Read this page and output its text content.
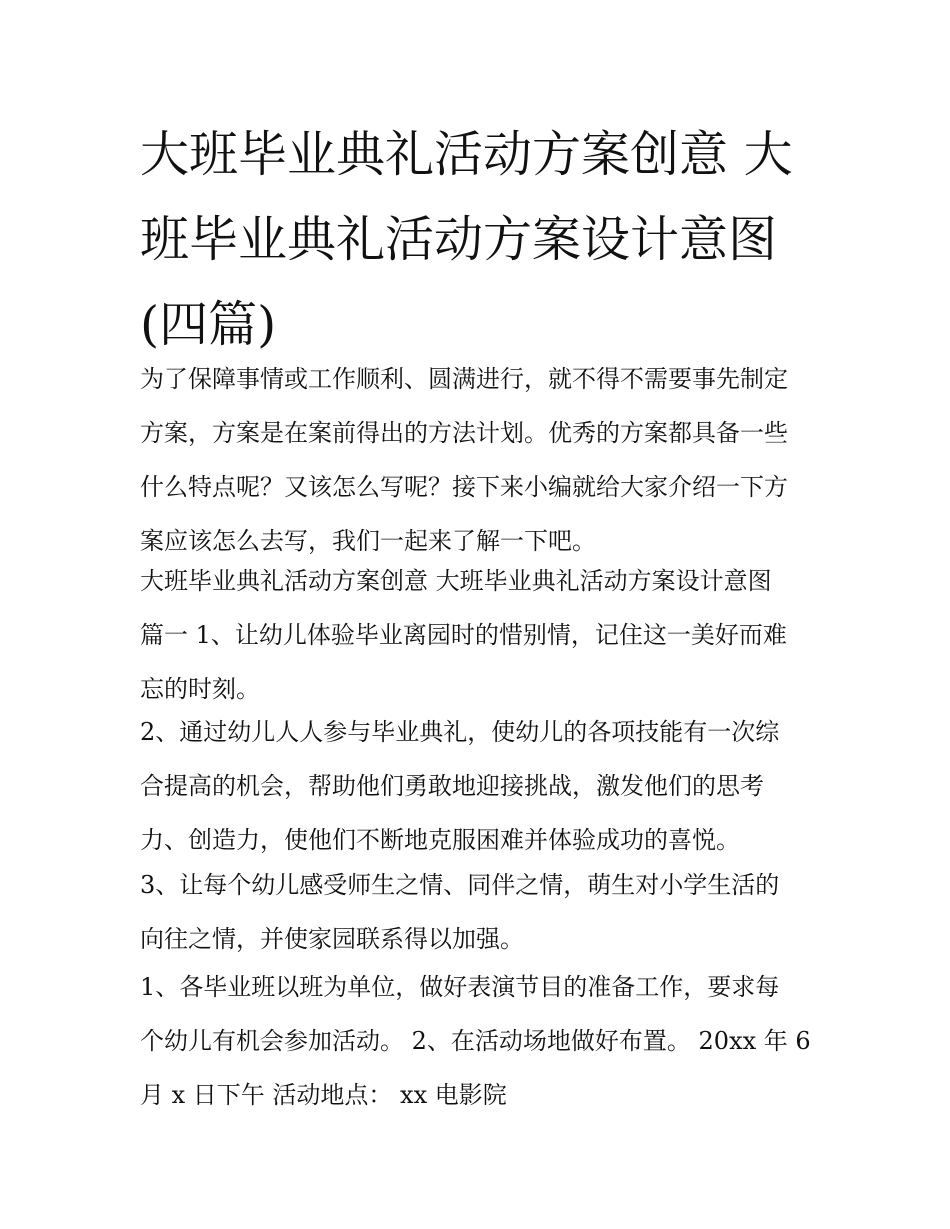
大班毕业典礼活动方案创意 大
班毕业典礼活动方案设计意图
(四篇)
为了保障事情或工作顺利、圆满进行，就不得不需要事先制定
方案，方案是在案前得出的方法计划。优秀的方案都具备一些
什么特点呢？又该怎么写呢？接下来小编就给大家介绍一下方
案应该怎么去写，我们一起来了解一下吧。
大班毕业典礼活动方案创意 大班毕业典礼活动方案设计意图
篇一 1、让幼儿体验毕业离园时的惜别情，记住这一美好而难
忘的时刻。
2、通过幼儿人人参与毕业典礼，使幼儿的各项技能有一次综
合提高的机会，帮助他们勇敢地迎接挑战，激发他们的思考
力、创造力，使他们不断地克服困难并体验成功的喜悦。
3、让每个幼儿感受师生之情、同伴之情，萌生对小学生活的
向往之情，并使家园联系得以加强。
1、各毕业班以班为单位，做好表演节目的准备工作，要求每
个幼儿有机会参加活动。 2、在活动场地做好布置。 20xx 年 6
月 x 日下午 活动地点： xx 电影院
